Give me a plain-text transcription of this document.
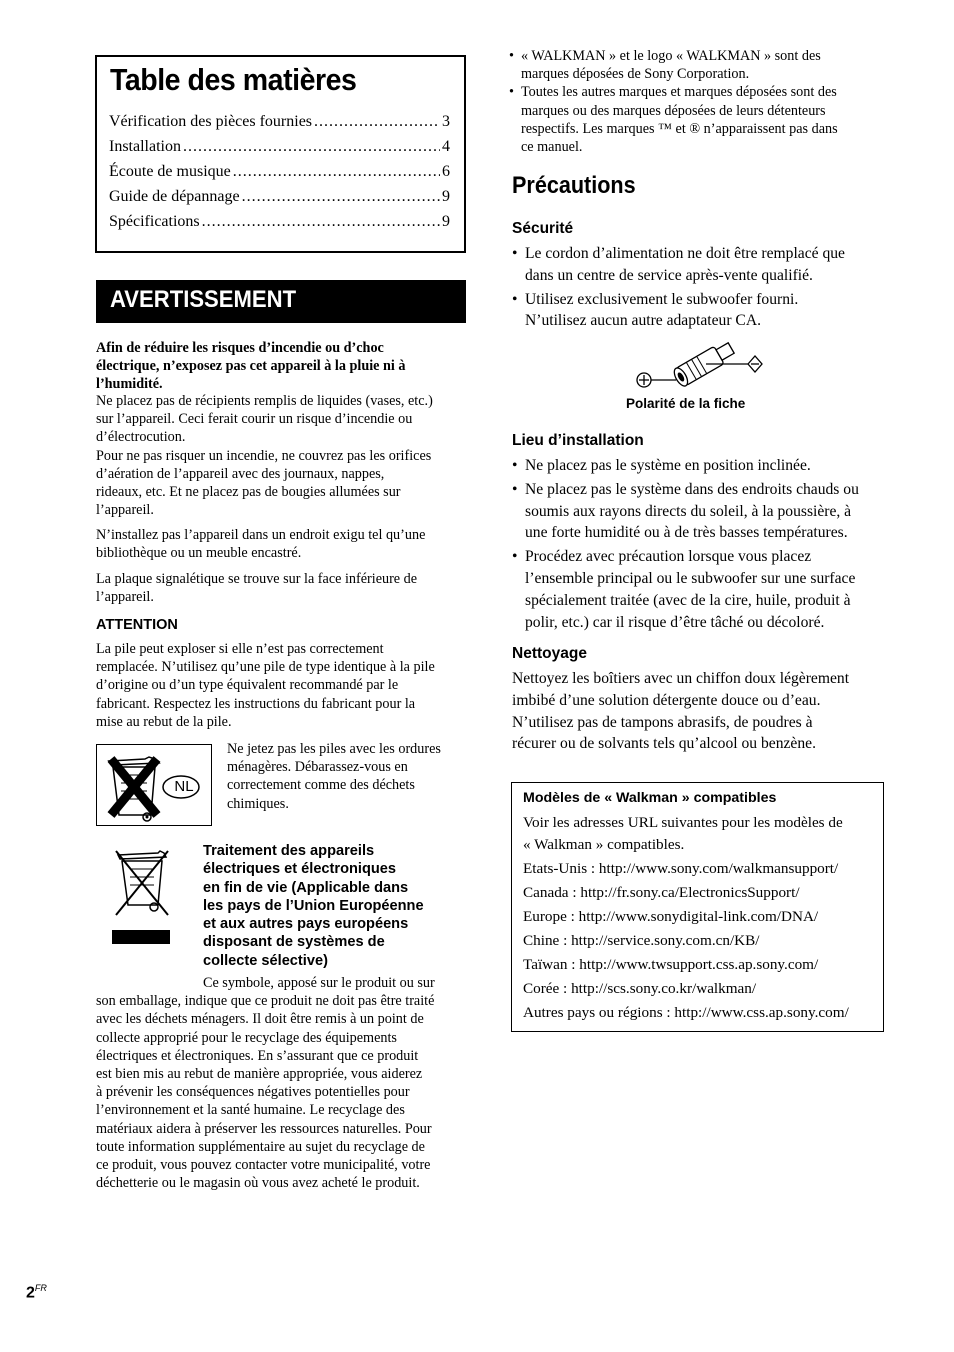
Table des matières
Vérification des pièces fournies .....	3
Installation .....	4
Écoute de musique .....	6
Guide de dépannage .....	9
Spécifications .....	9
AVERTISSEMENT
Afin de réduire les risques d’incendie ou d’choc
électrique, n’exposez pas cet appareil à la pluie ni à
l’humidité.
Ne placez pas de récipients remplis de liquides (vases, etc.)
sur l’appareil. Ceci ferait courir un risque d’incendie ou
d’électrocution.
Pour ne pas risquer un incendie, ne couvrez pas les orifices
d’aération de l’appareil avec des journaux, nappes,
rideaux, etc. Et ne placez pas de bougies allumées sur
l’appareil.
N’installez pas l’appareil dans un endroit exigu tel qu’une
bibliothèque ou un meuble encastré.
La plaque signalétique se trouve sur la face inférieure de
l’appareil.
ATTENTION
La pile peut exploser si elle n’est pas correctement
remplacée. N’utilisez qu’une pile de type identique à la pile
d’origine ou d’un type équivalent recommandé par le
fabricant. Respectez les instructions du fabricant pour la
mise au rebut de la pile.
NL
Ne jetez pas les piles avec les ordures
ménagères. Débarassez-vous en
correctement comme des déchets
chimiques.
Traitement des appareils
électriques et électroniques
en fin de vie (Applicable dans
les pays de l’Union Européenne
et aux autres pays européens
disposant de systèmes de
collecte sélective)
Ce symbole, apposé sur le produit ou sur
son emballage, indique que ce produit ne doit pas être traité
avec les déchets ménagers. Il doit être remis à un point de
collecte approprié pour le recyclage des équipements
électriques et électroniques. En s’assurant que ce produit
est bien mis au rebut de manière appropriée, vous aiderez
à prévenir les conséquences négatives potentielles pour
l’environnement et la santé humaine. Le recyclage des
matériaux aidera à préserver les ressources naturelles. Pour
toute information supplémentaire au sujet du recyclage de
ce produit, vous pouvez contacter votre municipalité, votre
déchetterie ou le magasin où vous avez acheté le produit.
• « WALKMAN » et le logo « WALKMAN » sont des
marques déposées de Sony Corporation.
• Toutes les autres marques et marques déposées sont des
marques ou des marques déposées de leurs détenteurs
respectifs. Les marques ™ et ® n’apparaissent pas dans
ce manuel.
Précautions
Sécurité
• Le cordon d’alimentation ne doit être remplacé que
dans un centre de service après-vente qualifié.
• Utilisez exclusivement le subwoofer fourni.
N’utilisez aucun autre adaptateur CA.
Polarité de la fiche
Lieu d’installation
• Ne placez pas le système en position inclinée.
• Ne placez pas le système dans des endroits chauds ou
soumis aux rayons directs du soleil, à la poussière, à
une forte humidité ou à de très basses températures.
• Procédez avec précaution lorsque vous placez
l’ensemble principal ou le subwoofer sur une surface
spécialement traitée (avec de la cire, huile, produit à
polir, etc.) car il risque d’être tâché ou décoloré.
Nettoyage
Nettoyez les boîtiers avec un chiffon doux légèrement
imbibé d’une solution détergente douce ou d’eau.
N’utilisez pas de tampons abrasifs, de poudres à
récurer ou de solvants tels qu’alcool ou benzène.
Modèles de « Walkman » compatibles
Voir les adresses URL suivantes pour les modèles de
« Walkman » compatibles.
Etats-Unis : http://www.sony.com/walkmansupport/
Canada : http://fr.sony.ca/ElectronicsSupport/
Europe : http://www.sonydigital-link.com/DNA/
Chine : http://service.sony.com.cn/KB/
Taïwan : http://www.twsupport.css.ap.sony.com/
Corée : http://scs.sony.co.kr/walkman/
Autres pays ou régions : http://www.css.ap.sony.com/
$2^{FR}$
